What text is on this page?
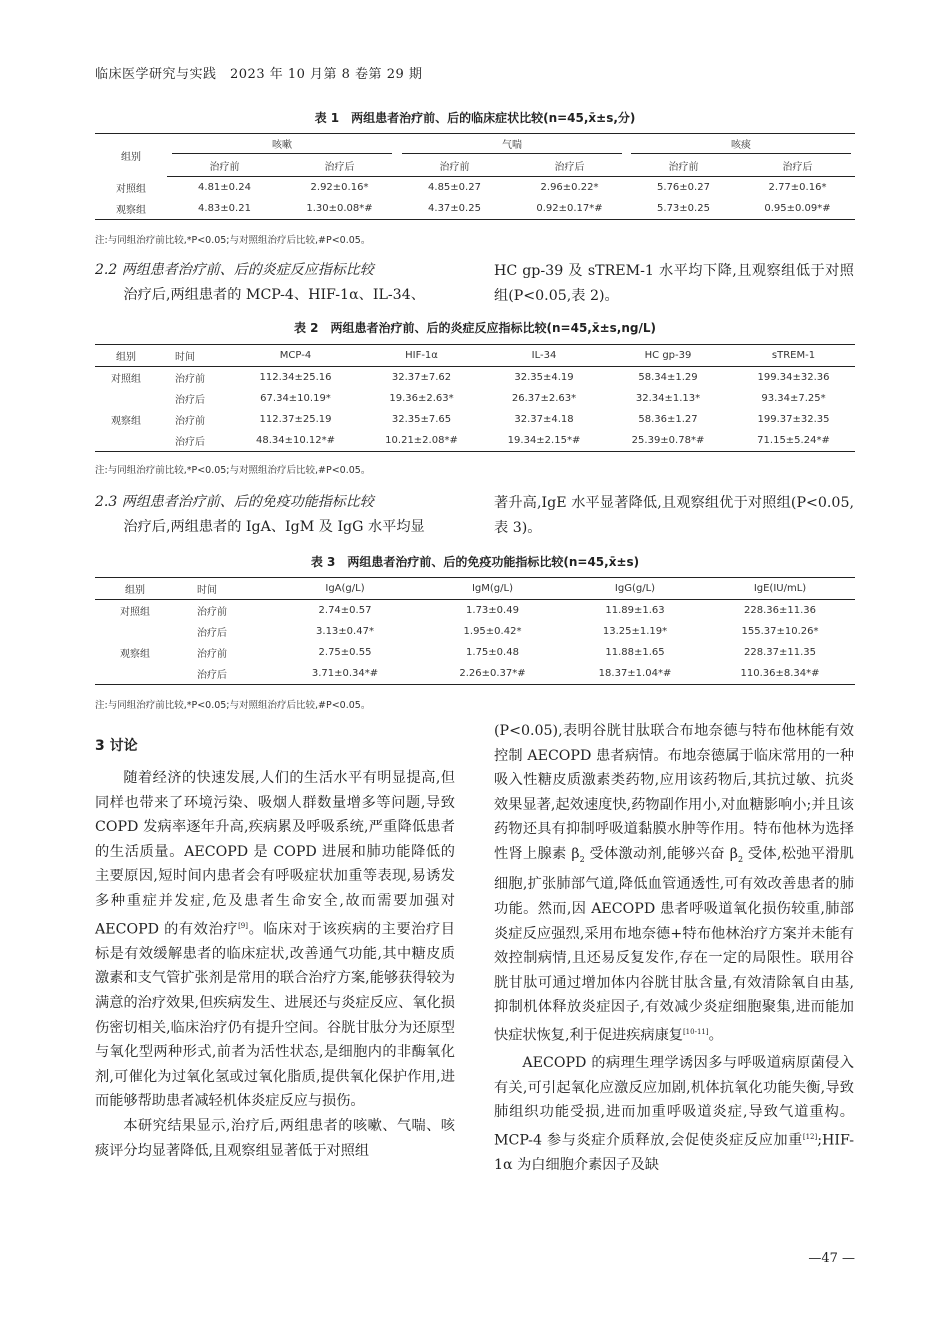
临床医学研究与实践　2023 年 10 月第 8 卷第 29 期
表 1　两组患者治疗前、后的临床症状比较(n=45,x̄±s,分)
组别	咳嗽		气喘		咳痰	
	治疗前	治疗后	治疗前	治疗后	治疗前	治疗后
对照组	4.81±0.24	2.92±0.16*	4.85±0.27	2.96±0.22*	5.76±0.27	2.77±0.16*
观察组	4.83±0.21	1.30±0.08*#	4.37±0.25	0.92±0.17*#	5.73±0.25	0.95±0.09*#
注:与同组治疗前比较,*P<0.05;与对照组治疗后比较,#P<0.05。
2.2 两组患者治疗前、后的炎症反应指标比较
治疗后,两组患者的 MCP-4、HIF-1α、IL-34、
HC gp-39 及 sTREM-1 水平均下降,且观察组低于对照组(P<0.05,表 2)。
表 2　两组患者治疗前、后的炎症反应指标比较(n=45,x̄±s,ng/L)
组别	时间	MCP-4	HIF-1α	IL-34	HC gp-39	sTREM-1
对照组	治疗前	112.34±25.16	32.37±7.62	32.35±4.19	58.34±1.29	199.34±32.36
	治疗后	67.34±10.19*	19.36±2.63*	26.37±2.63*	32.34±1.13*	93.34±7.25*
观察组	治疗前	112.37±25.19	32.35±7.65	32.37±4.18	58.36±1.27	199.37±32.35
	治疗后	48.34±10.12*#	10.21±2.08*#	19.34±2.15*#	25.39±0.78*#	71.15±5.24*#
注:与同组治疗前比较,*P<0.05;与对照组治疗后比较,#P<0.05。
2.3 两组患者治疗前、后的免疫功能指标比较
治疗后,两组患者的 IgA、IgM 及 IgG 水平均显
著升高,IgE 水平显著降低,且观察组优于对照组(P<0.05,表 3)。
表 3　两组患者治疗前、后的免疫功能指标比较(n=45,x̄±s)
组别	时间	IgA(g/L)	IgM(g/L)	IgG(g/L)	IgE(IU/mL)
对照组	治疗前	2.74±0.57	1.73±0.49	11.89±1.63	228.36±11.36
	治疗后	3.13±0.47*	1.95±0.42*	13.25±1.19*	155.37±10.26*
观察组	治疗前	2.75±0.55	1.75±0.48	11.88±1.65	228.37±11.35
	治疗后	3.71±0.34*#	2.26±0.37*#	18.37±1.04*#	110.36±8.34*#
注:与同组治疗前比较,*P<0.05;与对照组治疗后比较,#P<0.05。
3 讨论
随着经济的快速发展,人们的生活水平有明显提高,但同样也带来了环境污染、吸烟人群数量增多等问题,导致 COPD 发病率逐年升高,疾病累及呼吸系统,严重降低患者的生活质量。AECOPD 是 COPD 进展和肺功能降低的主要原因,短时间内患者会有呼吸症状加重等表现,易诱发多种重症并发症,危及患者生命安全,故而需要加强对 AECOPD 的有效治疗[9]。临床对于该疾病的主要治疗目标是有效缓解患者的临床症状,改善通气功能,其中糖皮质激素和支气管扩张剂是常用的联合治疗方案,能够获得较为满意的治疗效果,但疾病发生、进展还与炎症反应、氧化损伤密切相关,临床治疗仍有提升空间。谷胱甘肽分为还原型与氧化型两种形式,前者为活性状态,是细胞内的非酶氧化剂,可催化为过氧化氢或过氧化脂质,提供氧化保护作用,进而能够帮助患者减轻机体炎症反应与损伤。
本研究结果显示,治疗后,两组患者的咳嗽、气喘、咳痰评分均显著降低,且观察组显著低于对照组
(P<0.05),表明谷胱甘肽联合布地奈德与特布他林能有效控制 AECOPD 患者病情。布地奈德属于临床常用的一种吸入性糖皮质激素类药物,应用该药物后,其抗过敏、抗炎效果显著,起效速度快,药物副作用小,对血糖影响小;并且该药物还具有抑制呼吸道黏膜水肿等作用。特布他林为选择性肾上腺素 $\beta_2$ 受体激动剂,能够兴奋 $\beta_2$ 受体,松弛平滑肌细胞,扩张肺部气道,降低血管通透性,可有效改善患者的肺功能。然而,因 AECOPD 患者呼吸道氧化损伤较重,肺部炎症反应强烈,采用布地奈德+特布他林治疗方案并未能有效控制病情,且还易反复发作,存在一定的局限性。联用谷胱甘肽可通过增加体内谷胱甘肽含量,有效清除氧自由基,抑制机体释放炎症因子,有效减少炎症细胞聚集,进而能加快症状恢复,利于促进疾病康复[10-11]。
AECOPD 的病理生理学诱因多与呼吸道病原菌侵入有关,可引起氧化应激反应加剧,机体抗氧化功能失衡,导致肺组织功能受损,进而加重呼吸道炎症,导致气道重构。MCP-4 参与炎症介质释放,会促使炎症反应加重[12];HIF-1α 为白细胞介素因子及缺
—47 —
